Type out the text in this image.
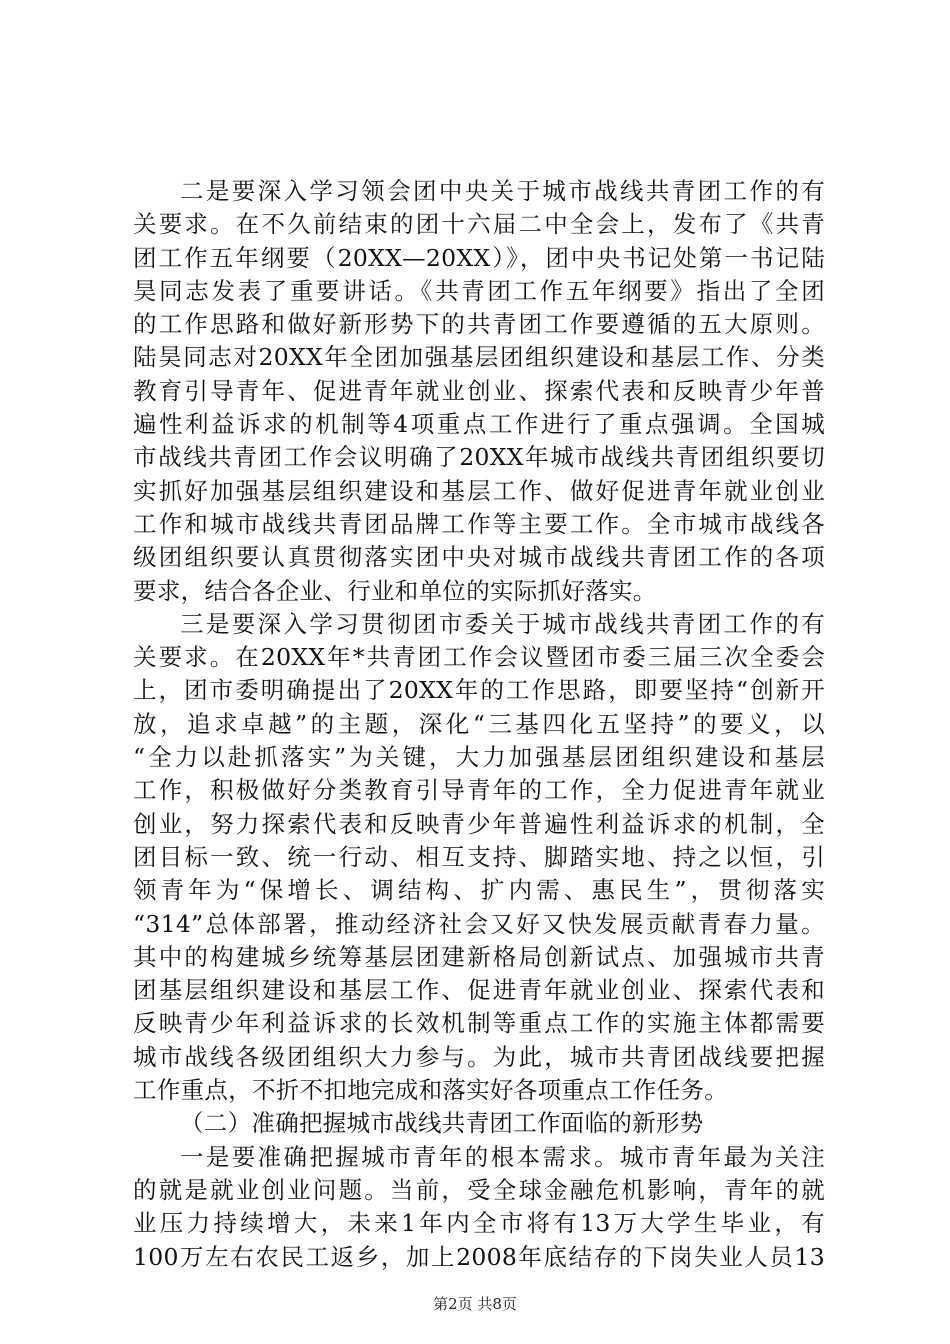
二是要深入学习领会团中央关于城市战线共青团工作的有
关要求。在不久前结束的团十六届二中全会上，发布了《共青
团工作五年纲要（20XX—20XX）》，团中央书记处第一书记陆
昊同志发表了重要讲话。《共青团工作五年纲要》指出了全团
的工作思路和做好新形势下的共青团工作要遵循的五大原则。
陆昊同志对20XX年全团加强基层团组织建设和基层工作、分类
教育引导青年、促进青年就业创业、探索代表和反映青少年普
遍性利益诉求的机制等4项重点工作进行了重点强调。全国城
市战线共青团工作会议明确了20XX年城市战线共青团组织要切
实抓好加强基层组织建设和基层工作、做好促进青年就业创业
工作和城市战线共青团品牌工作等主要工作。全市城市战线各
级团组织要认真贯彻落实团中央对城市战线共青团工作的各项
要求，结合各企业、行业和单位的实际抓好落实。
三是要深入学习贯彻团市委关于城市战线共青团工作的有
关要求。在20XX年*共青团工作会议暨团市委三届三次全委会
上，团市委明确提出了20XX年的工作思路，即要坚持“创新开
放，追求卓越”的主题，深化“三基四化五坚持”的要义，以
“全力以赴抓落实”为关键，大力加强基层团组织建设和基层
工作，积极做好分类教育引导青年的工作，全力促进青年就业
创业，努力探索代表和反映青少年普遍性利益诉求的机制，全
团目标一致、统一行动、相互支持、脚踏实地、持之以恒，引
领青年为“保增长、调结构、扩内需、惠民生”，贯彻落实
“314”总体部署，推动经济社会又好又快发展贡献青春力量。
其中的构建城乡统筹基层团建新格局创新试点、加强城市共青
团基层组织建设和基层工作、促进青年就业创业、探索代表和
反映青少年利益诉求的长效机制等重点工作的实施主体都需要
城市战线各级团组织大力参与。为此，城市共青团战线要把握
工作重点，不折不扣地完成和落实好各项重点工作任务。
（二）准确把握城市战线共青团工作面临的新形势
一是要准确把握城市青年的根本需求。城市青年最为关注
的就是就业创业问题。当前，受全球金融危机影响，青年的就
业压力持续增大，未来1年内全市将有13万大学生毕业，有
100万左右农民工返乡，加上2008年底结存的下岗失业人员13
第2页 共8页
